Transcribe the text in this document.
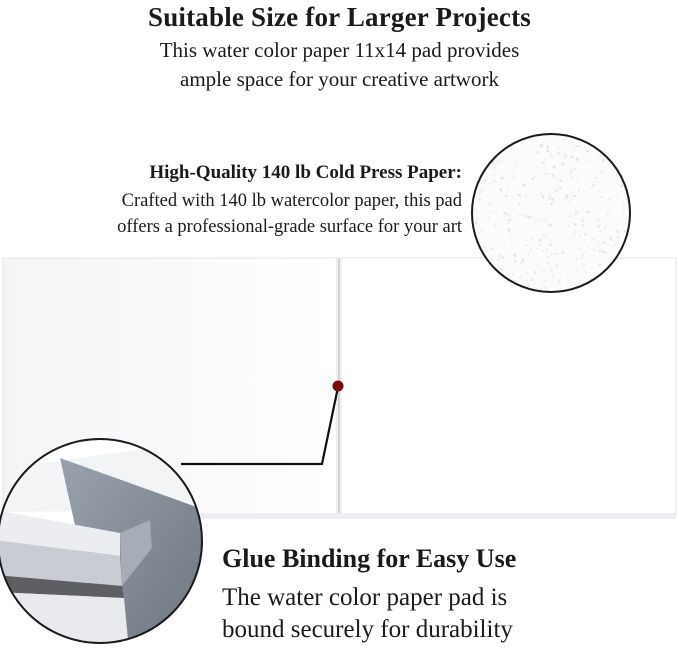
Suitable Size for Larger Projects
This water color paper 11x14 pad provides
ample space for your creative artwork
High-Quality 140 lb Cold Press Paper:
Crafted with 140 lb watercolor paper, this pad
offers a professional-grade surface for your art
Glue Binding for Easy Use
The water color paper pad is
bound securely for durability
